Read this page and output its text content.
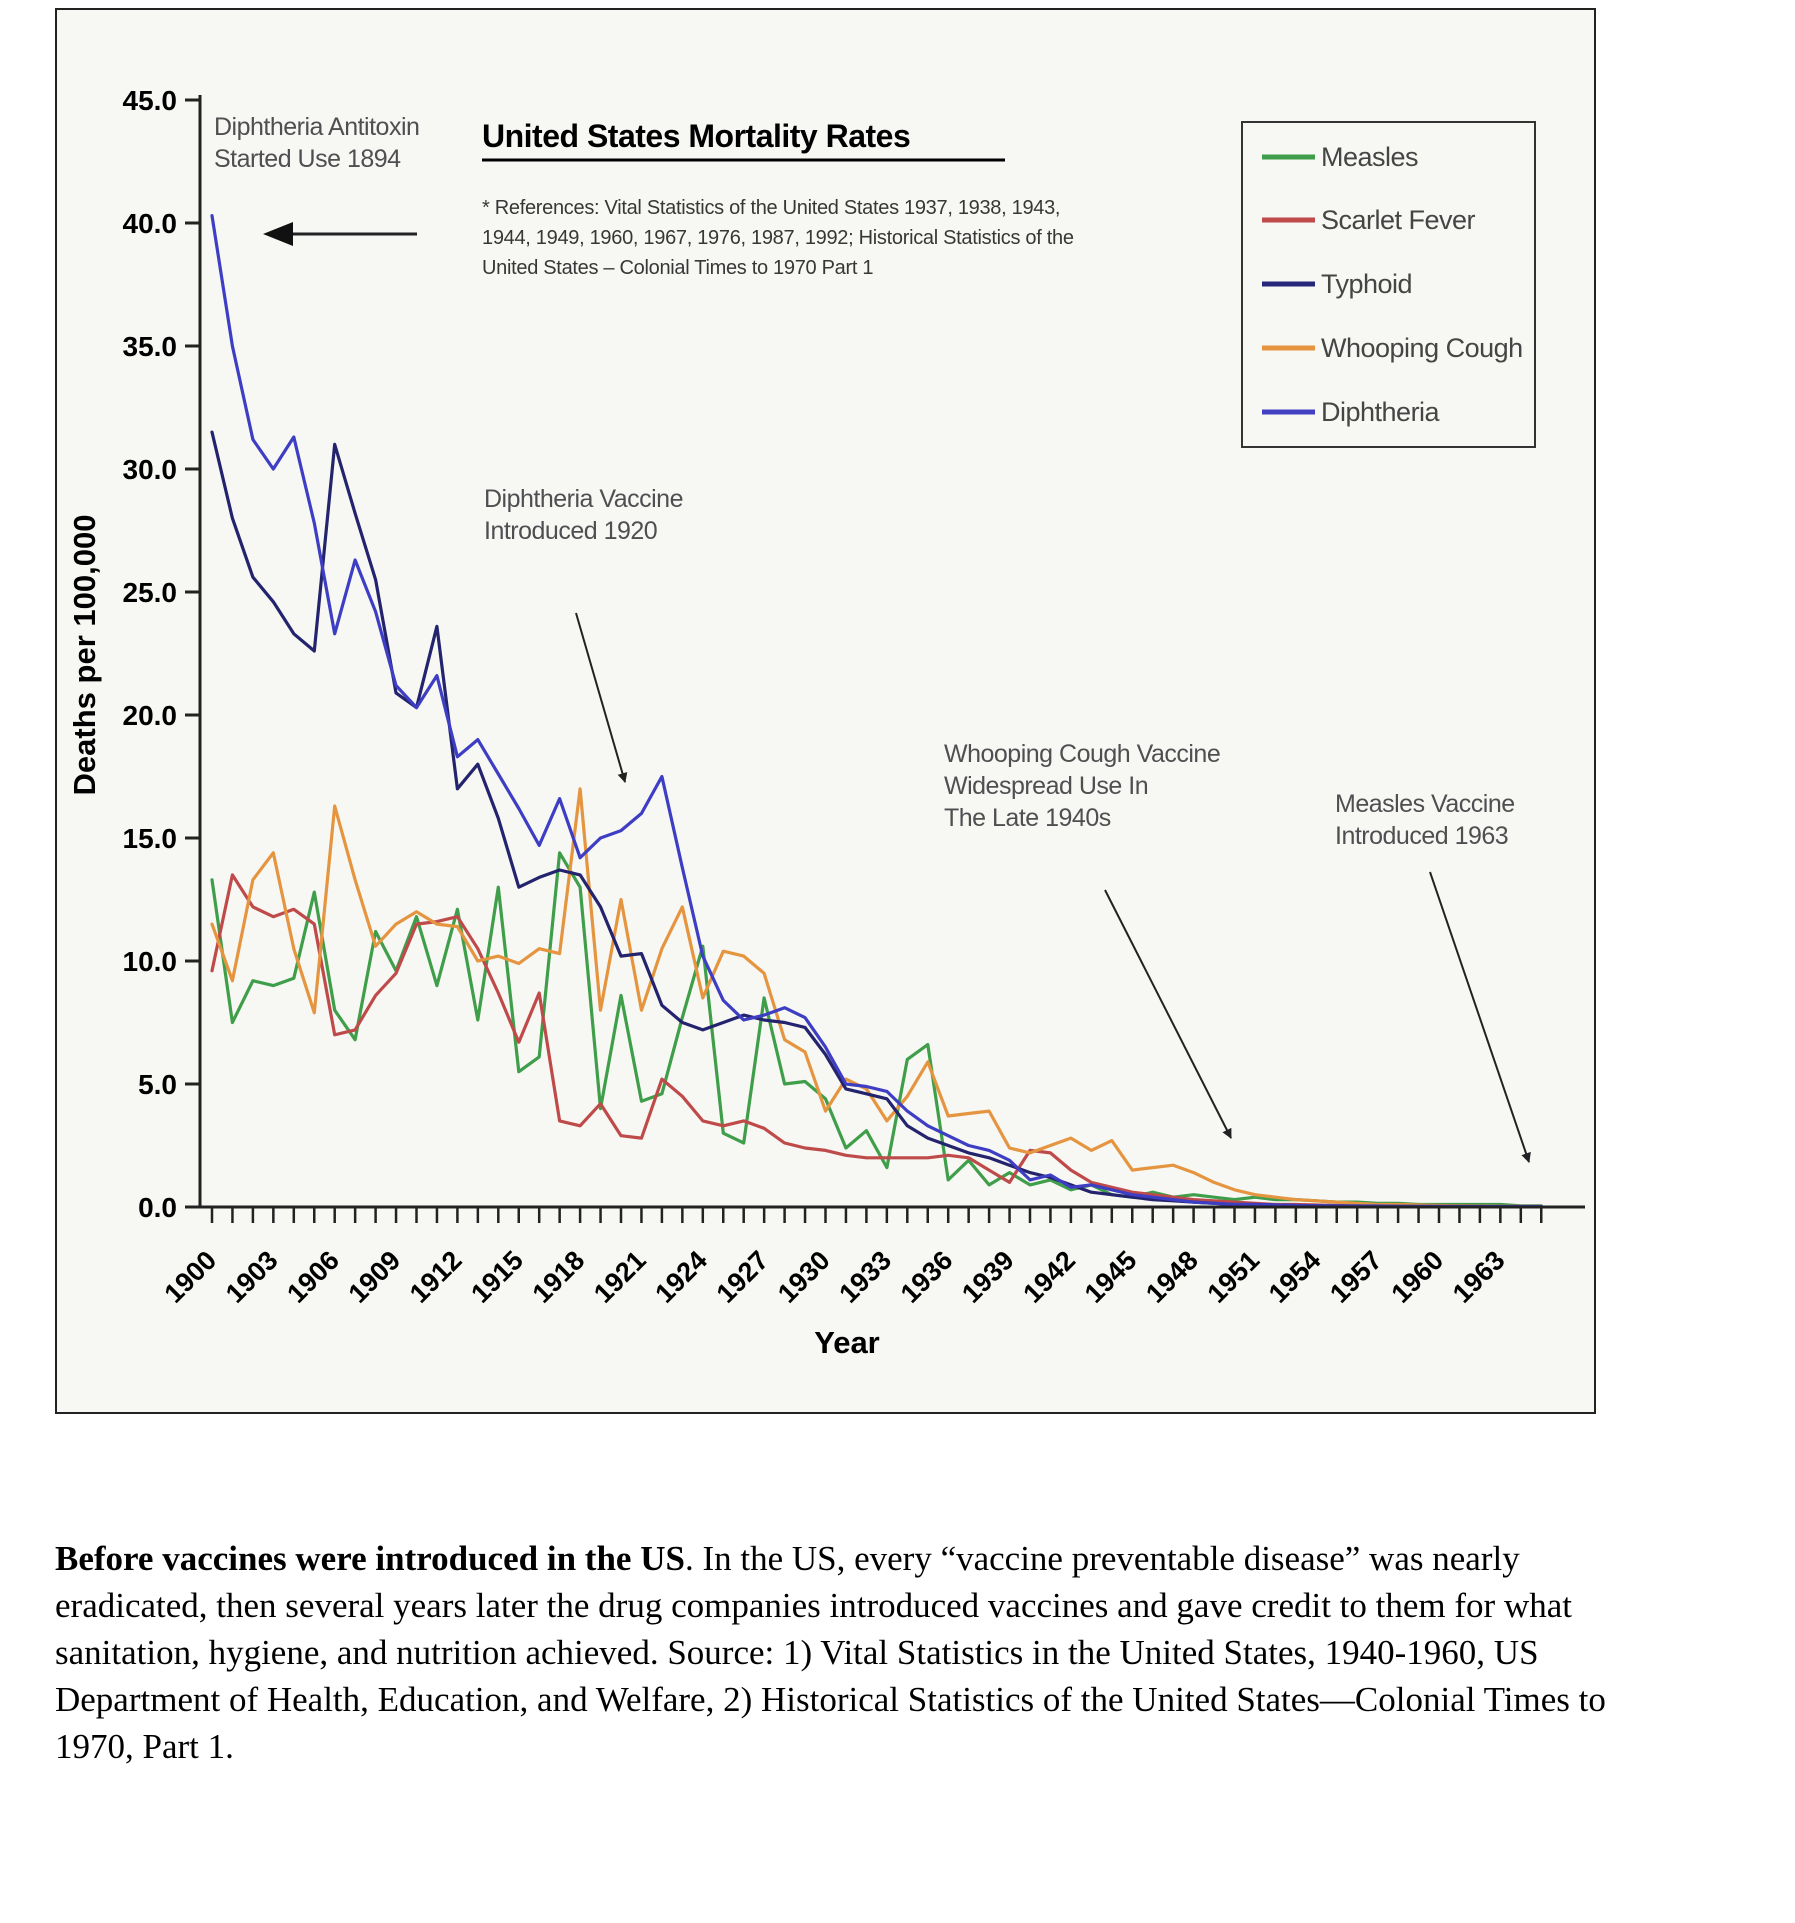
0.0
5.0
10.0
15.0
20.0
25.0
30.0
35.0
40.0
45.0
1900
1903
1906
1909
1912
1915
1918
1921
1924
1927
1930
1933
1936
1939
1942
1945
1948
1951
1954
1957
1960
1963
Deaths per 100,000
Year
United States Mortality Rates
* References: Vital Statistics of the United States 1937, 1938, 1943,
1944, 1949, 1960, 1967, 1976, 1987, 1992; Historical Statistics of the
United States – Colonial Times to 1970 Part 1
Diphtheria Antitoxin
Started Use 1894
Diphtheria Vaccine
Introduced 1920
Whooping Cough Vaccine
Widespread Use In
The Late 1940s	Measles Vaccine
Introduced 1963
Measles
Scarlet Fever
Typhoid
Whooping Cough
Diphtheria

Before vaccines were introduced in the US. In the US, every “vaccine preventable disease” was nearly eradicated, then several years later the drug companies introduced vaccines and gave credit to them for what sanitation, hygiene, and nutrition achieved. Source: 1) Vital Statistics in the United States, 1940-1960, US Department of Health, Education, and Welfare, 2) Historical Statistics of the United States—Colonial Times to 1970, Part 1.
